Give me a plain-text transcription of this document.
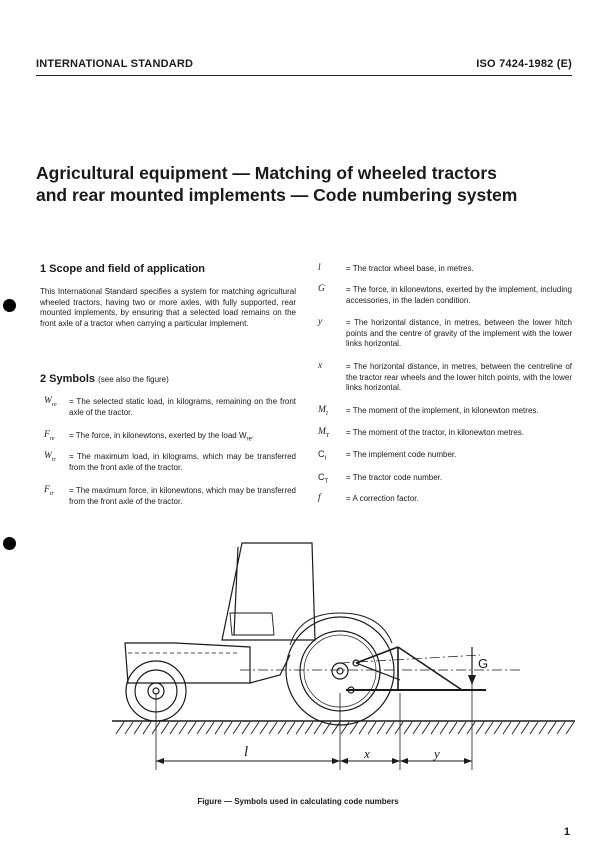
INTERNATIONAL STANDARD	ISO 7424-1982 (E)
Agricultural equipment — Matching of wheeled tractors
and rear mounted implements — Code numbering system
1 Scope and field of application
This International Standard specifies a system for matching agricultural wheeled tractors, having two or more axles, with fully supported, rear mounted implements, by ensuring that a selected load remains on the front axle of a tractor when carrying a particular implement.
2 Symbols (see also the figure)
$W_{re}$ = The selected static load, in kilograms, remaining on the front axle of the tractor.
$F_{re}$ = The force, in kilonewtons, exerted by the load $W_{re}$.
$W_{tr}$ = The maximum load, in kilograms, which may be transferred from the front axle of the tractor.
$F_{tr}$ = The maximum force, in kilonewtons, which may be transferred from the front axle of the tractor.
l	= The tractor wheel base, in metres.
G	= The force, in kilonewtons, exerted by the implement, including accessories, in the laden condition.
y	= The horizontal distance, in metres, between the lower hitch points and the centre of gravity of the implement with the lower links horizontal.
x	= The horizontal distance, in metres, between the centreline of the tractor rear wheels and the lower hitch points, with the lower links horizontal.
$M_I$ = The moment of the implement, in kilonewton metres.
$M_T$ = The moment of the tractor, in kilonewton metres.
$C_I$ = The implement code number.
$C_T$ = The tractor code number.
f	= A correction factor.
G
l	x	y
Figure — Symbols used in calculating code numbers
1
